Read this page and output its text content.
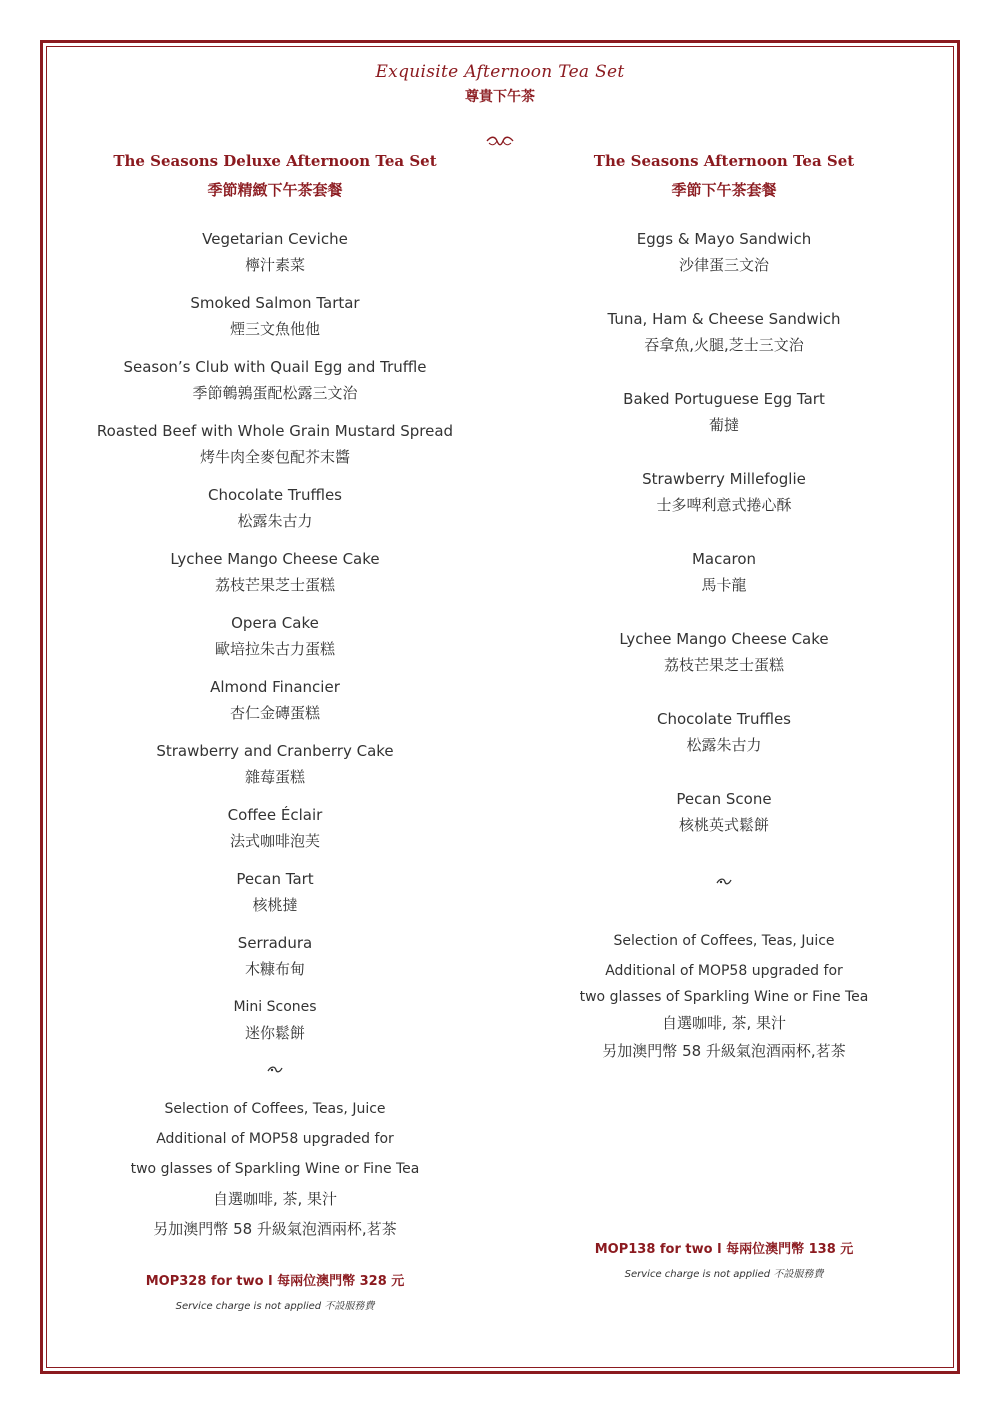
Exquisite Afternoon Tea Set
尊貴下午茶
The Seasons Deluxe Afternoon Tea Set
季節精緻下午茶套餐
Vegetarian Ceviche
檸汁素菜
Smoked Salmon Tartar
煙三文魚他他
Season’s Club with Quail Egg and Truffle
季節鵪鶉蛋配松露三文治
Roasted Beef with Whole Grain Mustard Spread
烤牛肉全麥包配芥末醬
Chocolate Truffles
松露朱古力
Lychee Mango Cheese Cake
荔枝芒果芝士蛋糕
Opera Cake
歐培拉朱古力蛋糕
Almond Financier
杏仁金磚蛋糕
Strawberry and Cranberry Cake
雜莓蛋糕
Coffee Éclair
法式咖啡泡芙
Pecan Tart
核桃撻
Serradura
木糠布甸
Mini Scones
迷你鬆餅
Selection of Coffees, Teas, Juice
Additional of MOP58 upgraded for
two glasses of Sparkling Wine or Fine Tea
自選咖啡, 茶, 果汁
另加澳門幣 58 升級氣泡酒兩杯,茗茶
MOP328 for two l 每兩位澳門幣 328 元
Service charge is not applied 不設服務費
The Seasons Afternoon Tea Set
季節下午茶套餐
Eggs & Mayo Sandwich
沙律蛋三文治
Tuna, Ham & Cheese Sandwich
吞拿魚,火腿,芝士三文治
Baked Portuguese Egg Tart
葡撻
Strawberry Millefoglie
士多啤利意式捲心酥
Macaron
馬卡龍
Lychee Mango Cheese Cake
荔枝芒果芝士蛋糕
Chocolate Truffles
松露朱古力
Pecan Scone
核桃英式鬆餅
Selection of Coffees, Teas, Juice
Additional of MOP58 upgraded for
two glasses of Sparkling Wine or Fine Tea
自選咖啡, 茶, 果汁
另加澳門幣 58 升級氣泡酒兩杯,茗茶
MOP138 for two l 每兩位澳門幣 138 元
Service charge is not applied 不設服務費
